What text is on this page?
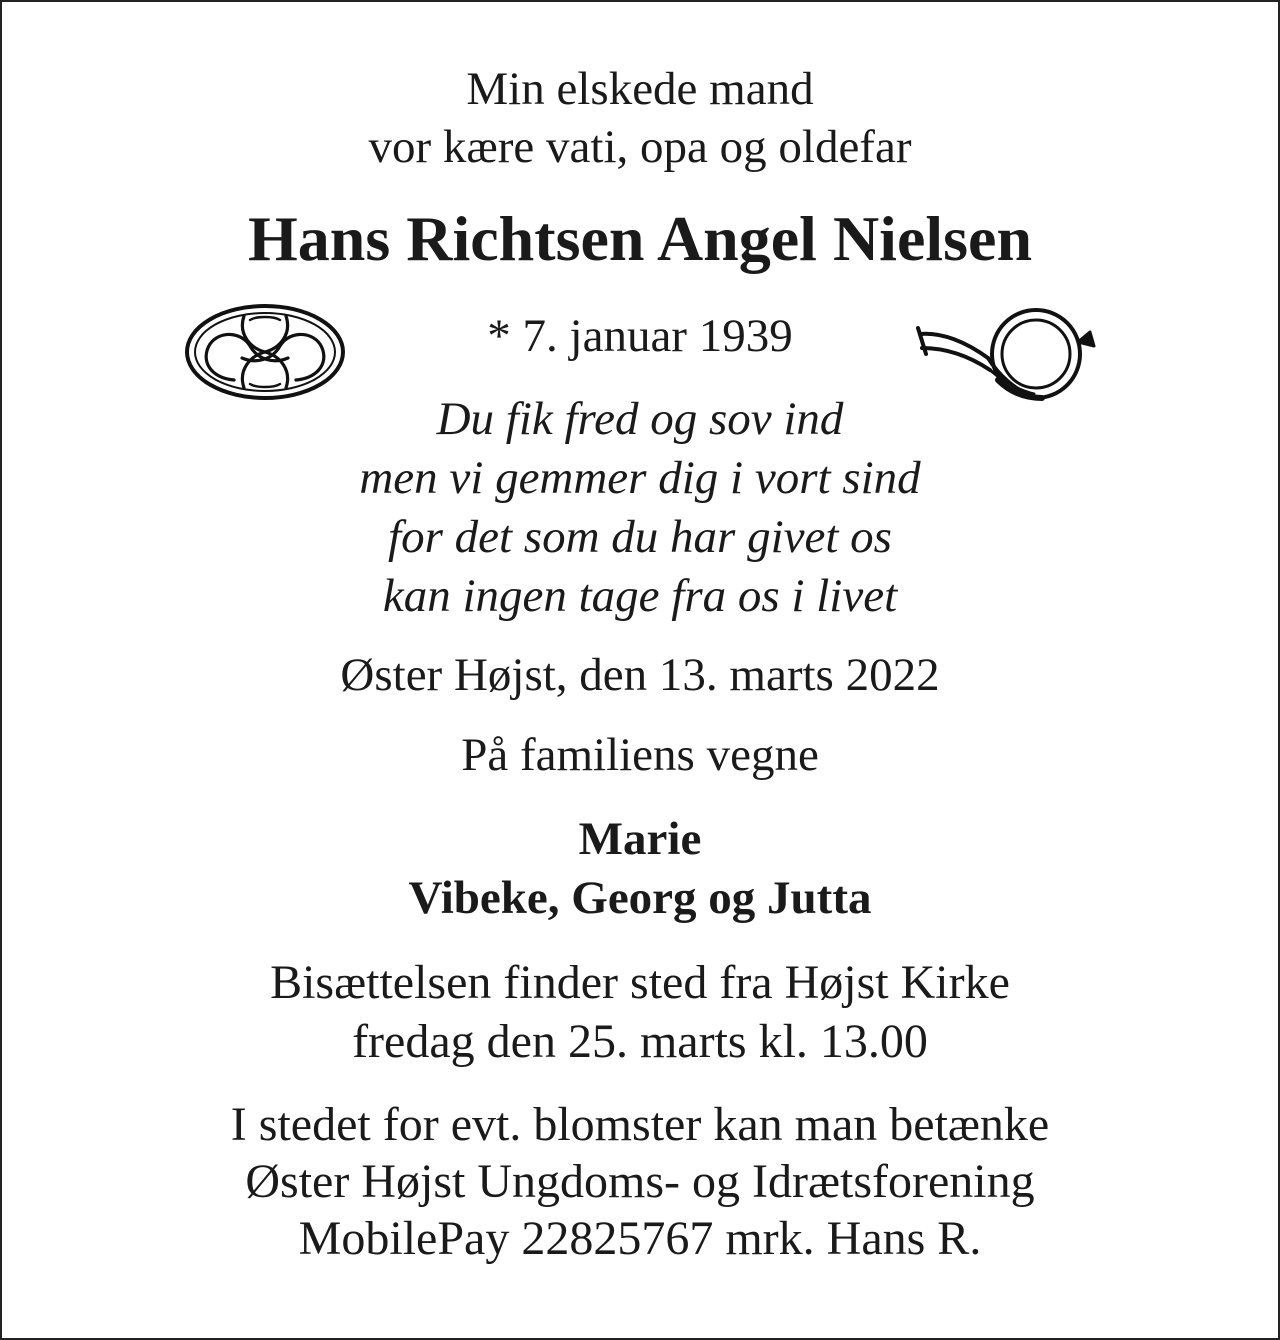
Min elskede mand
vor kære vati, opa og oldefar
Hans Richtsen Angel Nielsen
* 7. januar 1939
Du fik fred og sov ind
men vi gemmer dig i vort sind
for det som du har givet os
kan ingen tage fra os i livet
Øster Højst, den 13. marts 2022
På familiens vegne
Marie
Vibeke, Georg og Jutta
Bisættelsen finder sted fra Højst Kirke
fredag den 25. marts kl. 13.00
I stedet for evt. blomster kan man betænke
Øster Højst Ungdoms- og Idrætsforening
MobilePay 22825767 mrk. Hans R.
